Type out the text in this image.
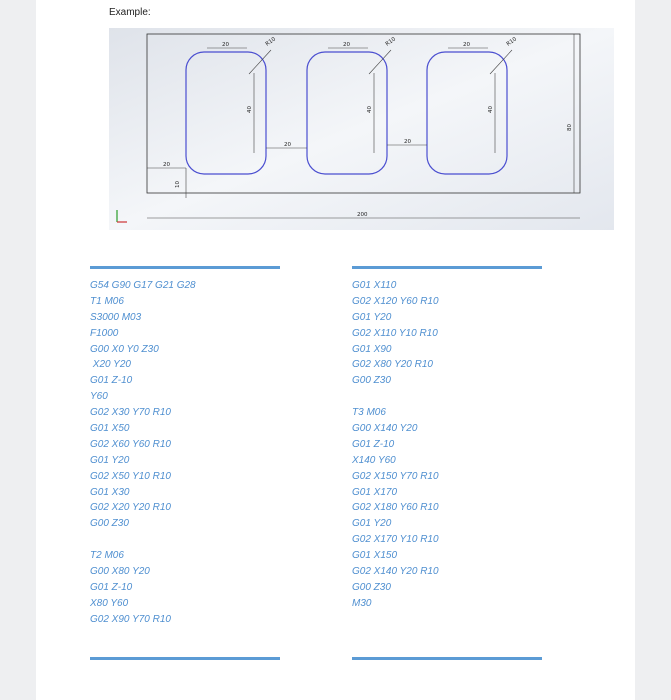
Example:
20	20	20
R10	R10	R10
40	40	40
20	20
80
20
10
200
G54 G90 G17 G21 G28
T1 M06
S3000 M03
F1000
G00 X0 Y0 Z30
X20 Y20
G01 Z-10
Y60
G02 X30 Y70 R10
G01 X50
G02 X60 Y60 R10
G01 Y20
G02 X50 Y10 R10
G01 X30
G02 X20 Y20 R10
G00 Z30
T2 M06
G00 X80 Y20
G01 Z-10
X80 Y60
G02 X90 Y70 R10
G01 X110
G02 X120 Y60 R10
G01 Y20
G02 X110 Y10 R10
G01 X90
G02 X80 Y20 R10
G00 Z30
T3 M06
G00 X140 Y20
G01 Z-10
X140 Y60
G02 X150 Y70 R10
G01 X170
G02 X180 Y60 R10
G01 Y20
G02 X170 Y10 R10
G01 X150
G02 X140 Y20 R10
G00 Z30
M30
